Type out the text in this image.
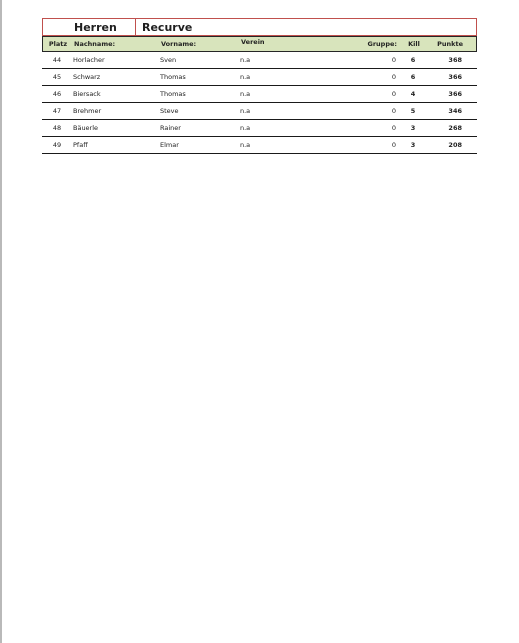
Herren	Recurve
Platz	Nachname:	Vorname:	Verein	Gruppe:	Kill	Punkte
44	Horlacher	Sven	n.a	0	6	368
45	Schwarz	Thomas	n.a	0	6	366
46	Biersack	Thomas	n.a	0	4	366
47	Brehmer	Steve	n.a	0	5	346
48	Bäuerle	Rainer	n.a	0	3	268
49	Pfaff	Elmar	n.a	0	3	208
